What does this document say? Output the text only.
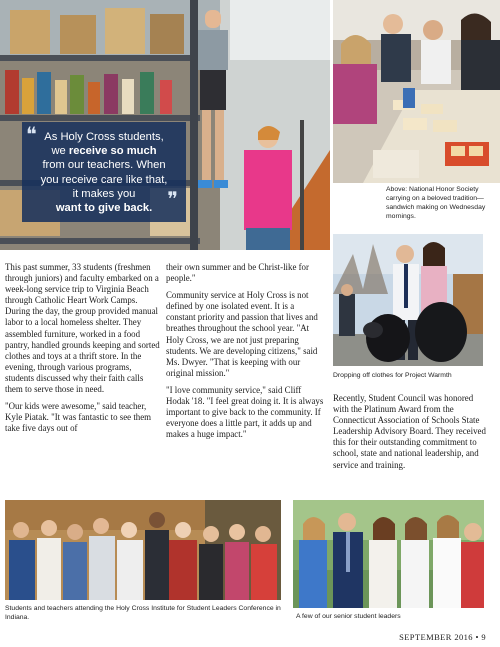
❝ As Holy Cross students,
we receive so much
from our teachers. When
you receive care like that,
it makes you
want to give back. ❞	Above: National Honor Society carrying on a beloved tradition— sandwich making on Wednesday mornings.
Dropping off clothes for Project Warmth

This past summer, 33 students (freshmen through juniors) and faculty embarked on a week-long service trip to Virginia Beach through Catholic Heart Work Camps. During the day, the group provided manual labor to a local homeless shelter. They assembled furniture, worked in a food pantry, handled grounds keeping and sorted clothes and toys at a thrift store. In the evening, through various programs, students discussed why their faith calls them to serve those in need.

"Our kids were awesome," said teacher, Kyle Piatak. "It was fantastic to see them take five days out of

their own summer and be Christ-like for people."

Community service at Holy Cross is not defined by one isolated event. It is a constant priority and passion that lives and breathes throughout the school year. "At Holy Cross, we are not just preparing students. We are developing citizens," said Ms. Dwyer. "That is keeping with our original mission."

"I love community service," said Cliff Hodak '18. "I feel great doing it. It is always important to give back to the community. If everyone does a little part, it adds up and makes a huge impact."

Recently, Student Council was honored with the Platinum Award from the Connecticut Association of Schools State Leadership Advisory Board. They received this for their outstanding commitment to school, state and national leadership, and service and training.

Students and teachers attending the Holy Cross Institute for Student Leaders Conference in Indiana.	A few of our senior student leaders
SEPTEMBER 2016 • 9
